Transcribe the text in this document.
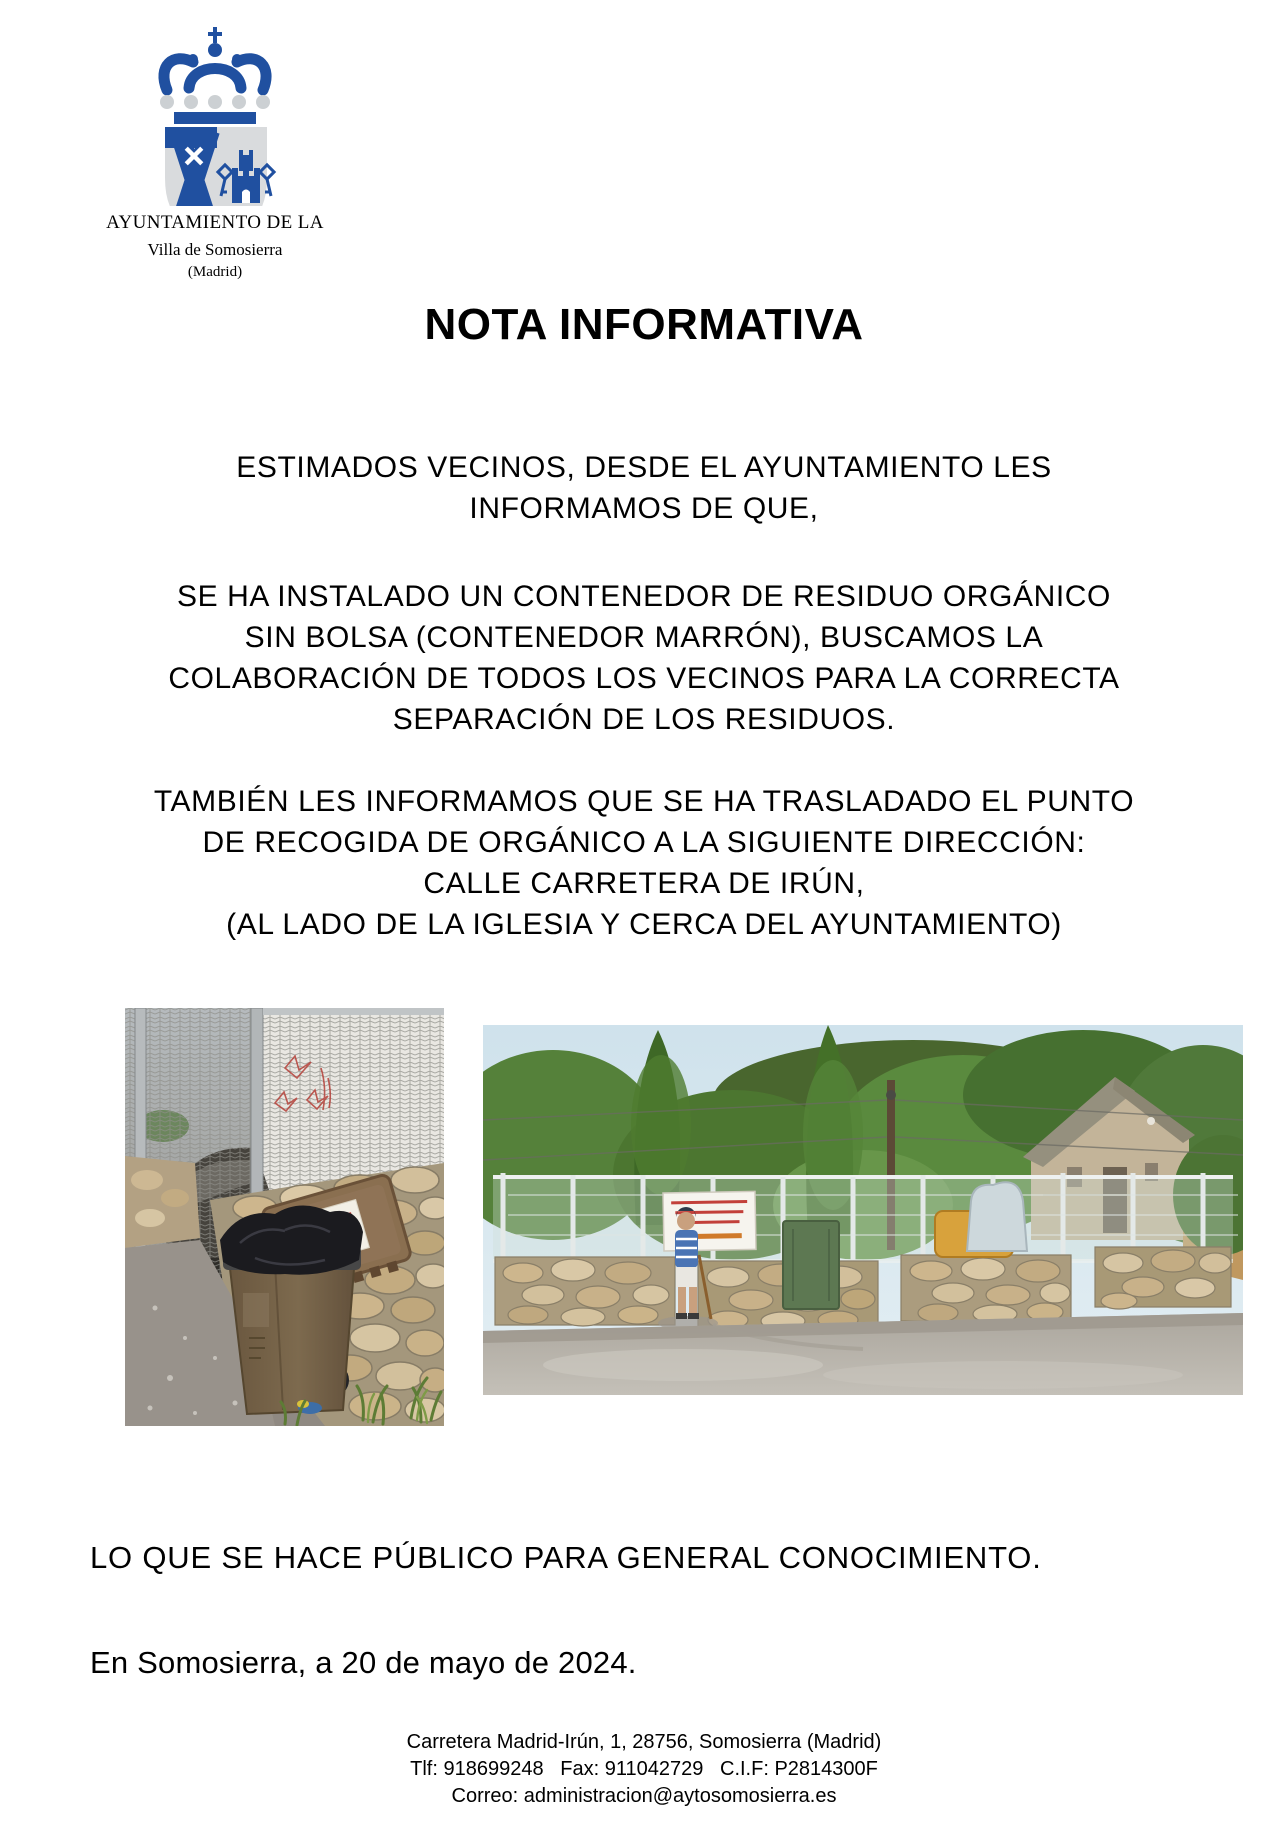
AYUNTAMIENTO DE LA
Villa de Somosierra
(Madrid)
NOTA INFORMATIVA
ESTIMADOS VECINOS, DESDE EL AYUNTAMIENTO LES
INFORMAMOS DE QUE,
SE HA INSTALADO UN CONTENEDOR DE RESIDUO ORGÁNICO
SIN BOLSA (CONTENEDOR MARRÓN), BUSCAMOS LA
COLABORACIÓN DE TODOS LOS VECINOS PARA LA CORRECTA
SEPARACIÓN DE LOS RESIDUOS.
TAMBIÉN LES INFORMAMOS QUE SE HA TRASLADADO EL PUNTO
DE RECOGIDA DE ORGÁNICO A LA SIGUIENTE DIRECCIÓN:
CALLE CARRETERA DE IRÚN,
(AL LADO DE LA IGLESIA Y CERCA DEL AYUNTAMIENTO)
LO QUE SE HACE PÚBLICO PARA GENERAL CONOCIMIENTO.
En Somosierra, a 20 de mayo de 2024.
Carretera Madrid-Irún, 1, 28756, Somosierra (Madrid)
Tlf: 918699248   Fax: 911042729   C.I.F: P2814300F
Correo: administracion@aytosomosierra.es
